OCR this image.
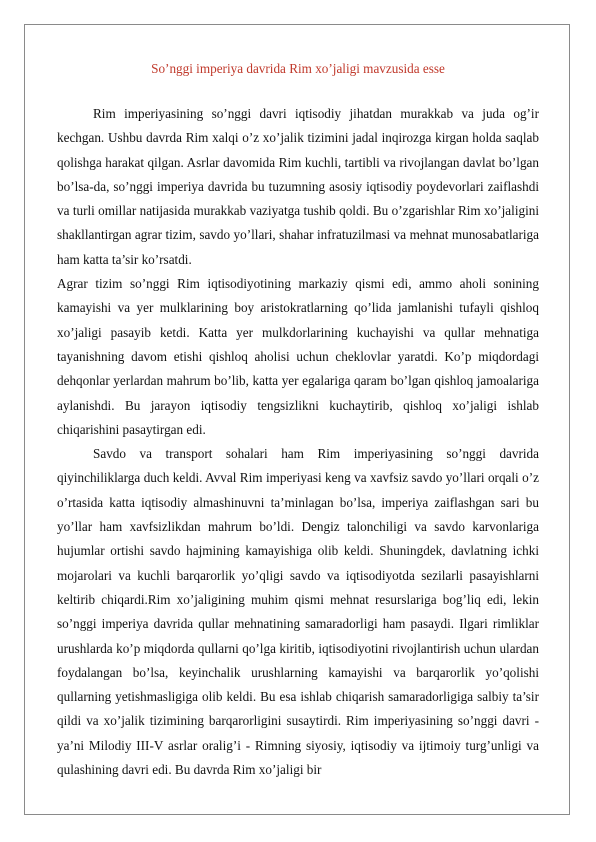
So’nggi imperiya davrida Rim xo’jaligi mavzusida esse

Rim imperiyasining so’nggi davri iqtisodiy jihatdan murakkab va juda og’ir kechgan. Ushbu davrda Rim xalqi o’z xo’jalik tizimini jadal inqirozga kirgan holda saqlab qolishga harakat qilgan. Asrlar davomida Rim kuchli, tartibli va rivojlangan davlat bo’lgan bo’lsa-da, so’nggi imperiya davrida bu tuzumning asosiy iqtisodiy poydevorlari zaiflashdi va turli omillar natijasida murakkab vaziyatga tushib qoldi. Bu o’zgarishlar Rim xo’jaligini shakllantirgan agrar tizim, savdo yo’llari, shahar infratuzilmasi va mehnat munosabatlariga ham katta ta’sir ko’rsatdi.

Agrar tizim so’nggi Rim iqtisodiyotining markaziy qismi edi, ammo aholi sonining kamayishi va yer mulklarining boy aristokratlarning qo’lida jamlanishi tufayli qishloq xo’jaligi pasayib ketdi. Katta yer mulkdorlarining kuchayishi va qullar mehnatiga tayanishning davom etishi qishloq aholisi uchun cheklovlar yaratdi. Ko’p miqdordagi dehqonlar yerlardan mahrum bo’lib, katta yer egalariga qaram bo’lgan qishloq jamoalariga aylanishdi. Bu jarayon iqtisodiy tengsizlikni kuchaytirib, qishloq xo’jaligi ishlab chiqarishini pasaytirgan edi.

Savdo va transport sohalari ham Rim imperiyasining so’nggi davrida qiyinchiliklarga duch keldi. Avval Rim imperiyasi keng va xavfsiz savdo yo’llari orqali o’z o’rtasida katta iqtisodiy almashinuvni ta’minlagan bo’lsa, imperiya zaiflashgan sari bu yo’llar ham xavfsizlikdan mahrum bo’ldi. Dengiz talonchiligi va savdo karvonlariga hujumlar ortishi savdo hajmining kamayishiga olib keldi. Shuningdek, davlatning ichki mojarolari va kuchli barqarorlik yo’qligi savdo va iqtisodiyotda sezilarli pasayishlarni keltirib chiqardi.Rim xo’jaligining muhim qismi mehnat resurslariga bog’liq edi, lekin so’nggi imperiya davrida qullar mehnatining samaradorligi ham pasaydi. Ilgari rimliklar urushlarda ko’p miqdorda qullarni qo’lga kiritib, iqtisodiyotini rivojlantirish uchun ulardan foydalangan bo’lsa, keyinchalik urushlarning kamayishi va barqarorlik yo’qolishi qullarning yetishmasligiga olib keldi. Bu esa ishlab chiqarish samaradorligiga salbiy ta’sir qildi va xo’jalik tizimining barqarorligini susaytirdi. Rim imperiyasining so’nggi davri - ya’ni Milodiy III-V asrlar oralig’i - Rimning siyosiy, iqtisodiy va ijtimoiy turg’unligi va qulashining davri edi. Bu davrda Rim xo’jaligi bir
